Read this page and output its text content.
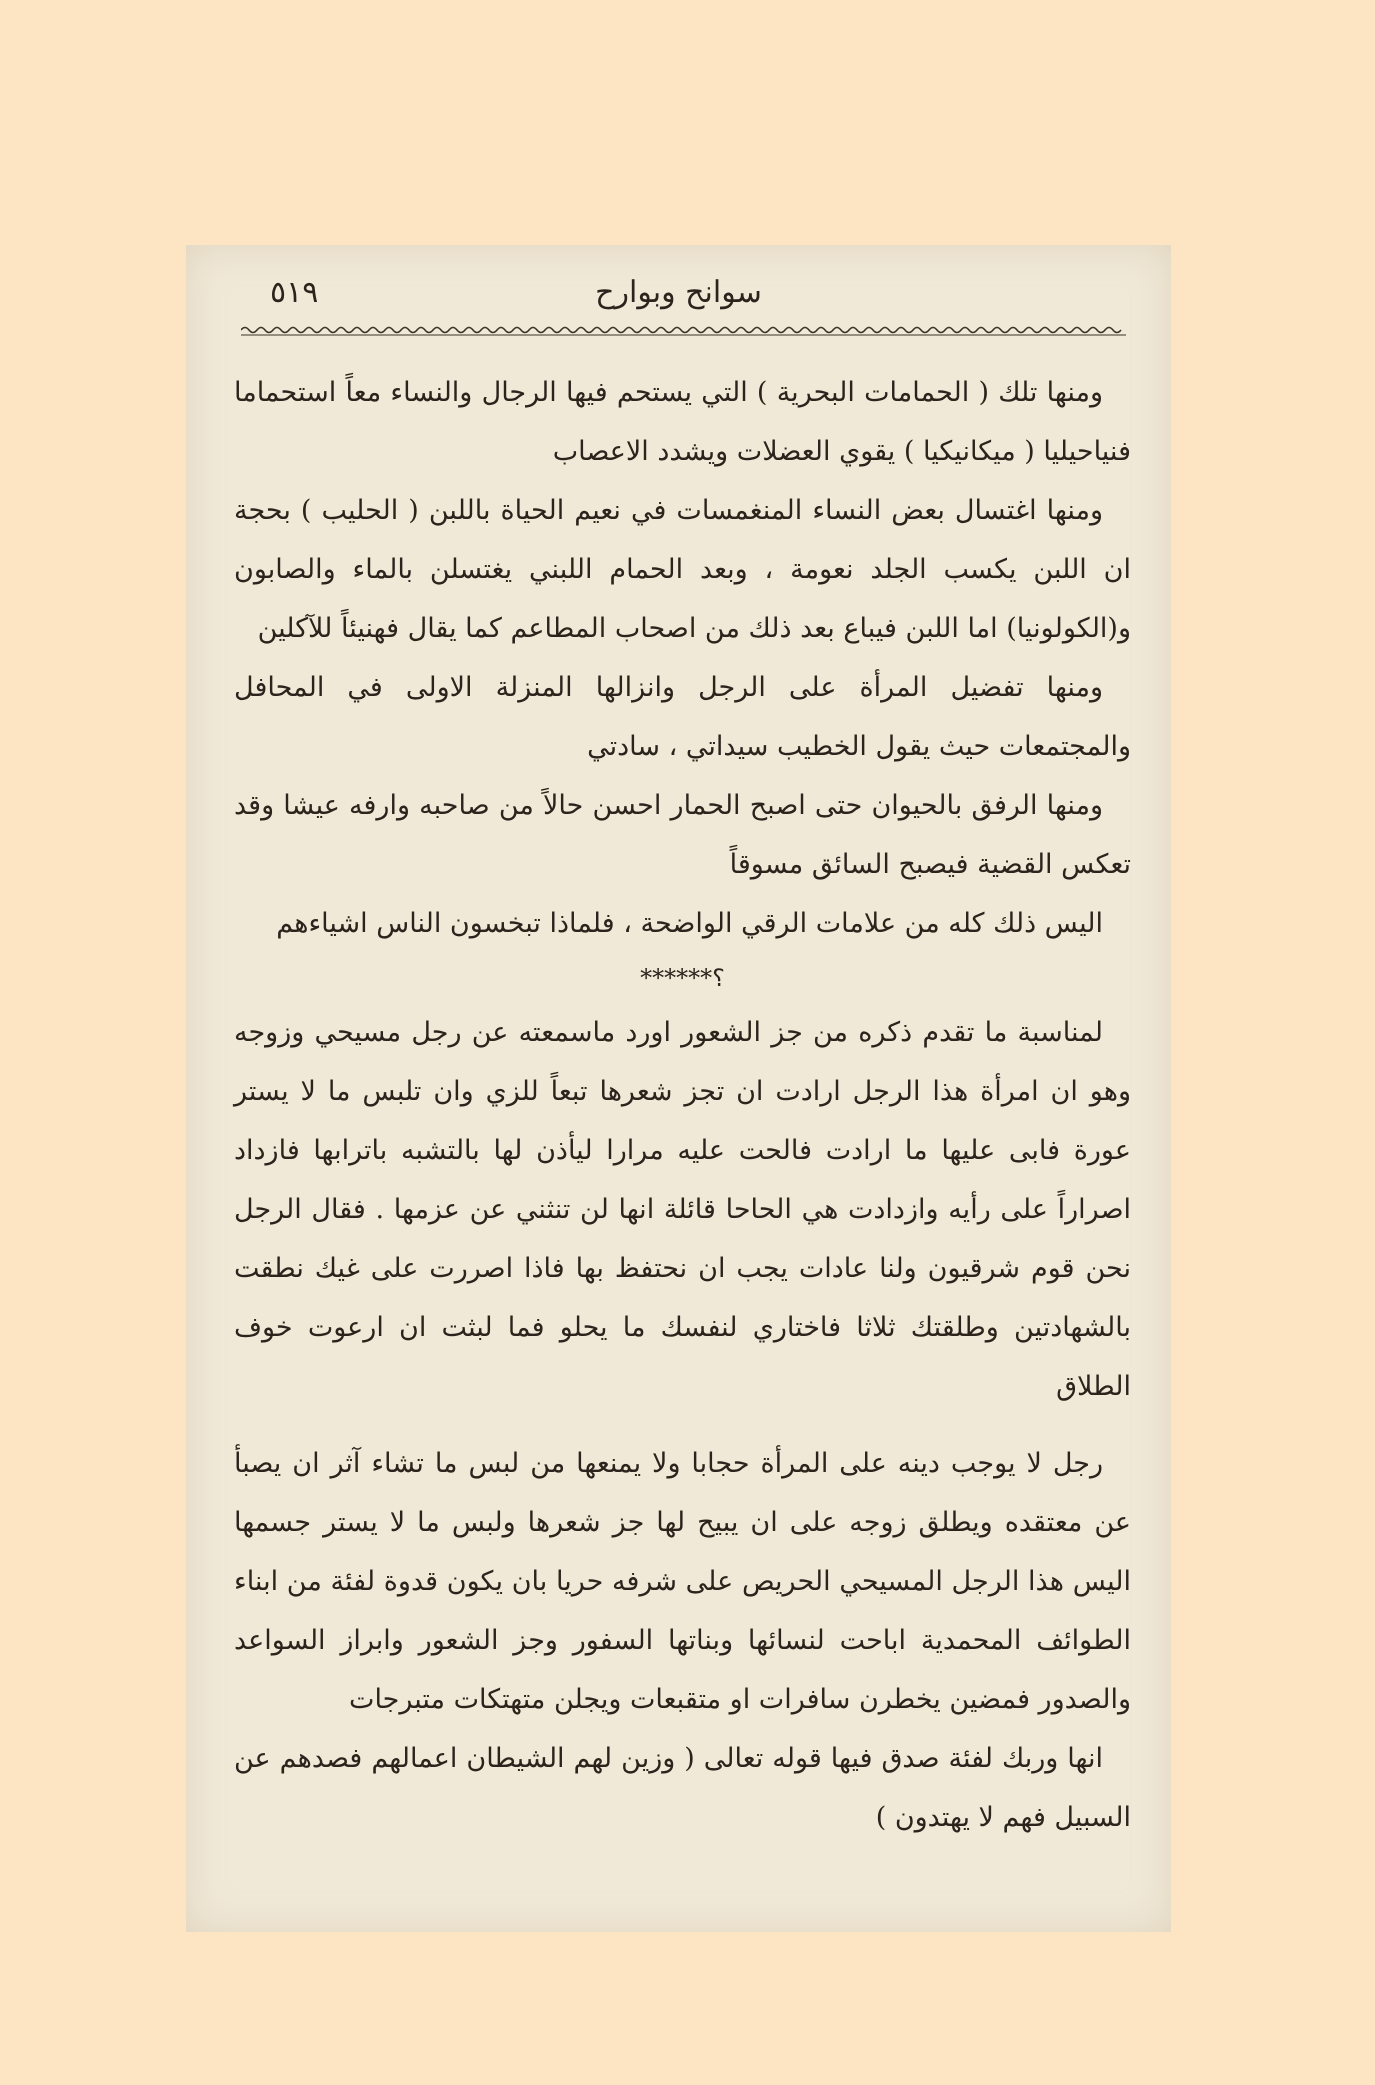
سوانح وبوارح
٥١٩

ومنها تلك ( الحمامات البحرية ) التي يستحم فيها الرجال والنساء معاً استحماما فنياحيليا ( ميكانيكيا ) يقوي العضلات ويشدد الاعصاب

ومنها اغتسال بعض النساء المنغمسات في نعيم الحياة باللبن ( الحليب ) بحجة ان اللبن يكسب الجلد نعومة ، وبعد الحمام اللبني يغتسلن بالماء والصابون و(الكولونيا) اما اللبن فيباع بعد ذلك من اصحاب المطاعم كما يقال فهنيئاً للآكلين

ومنها تفضيل المرأة على الرجل وانزالها المنزلة الاولى في المحافل والمجتمعات حيث يقول الخطيب سيداتي ، سادتي

ومنها الرفق بالحيوان حتى اصبح الحمار احسن حالاً من صاحبه وارفه عيشا وقد تعكس القضية فيصبح السائق مسوقاً

اليس ذلك كله من علامات الرقي الواضحة ، فلماذا تبخسون الناس اشياءهم

؟******

لمناسبة ما تقدم ذكره من جز الشعور اورد ماسمعته عن رجل مسيحي وزوجه وهو ان امرأة هذا الرجل ارادت ان تجز شعرها تبعاً للزي وان تلبس ما لا يستر عورة فابى عليها ما ارادت فالحت عليه مرارا ليأذن لها بالتشبه باترابها فازداد اصراراً على رأيه وازدادت هي الحاحا قائلة انها لن تنثني عن عزمها . فقال الرجل نحن قوم شرقيون ولنا عادات يجب ان نحتفظ بها فاذا اصررت على غيك نطقت بالشهادتين وطلقتك ثلاثا فاختاري لنفسك ما يحلو فما لبثت ان ارعوت خوف الطلاق

رجل لا يوجب دينه على المرأة حجابا ولا يمنعها من لبس ما تشاء آثر ان يصبأ عن معتقده ويطلق زوجه على ان يبيح لها جز شعرها ولبس ما لا يستر جسمها اليس هذا الرجل المسيحي الحريص على شرفه حريا بان يكون قدوة لفئة من ابناء الطوائف المحمدية اباحت لنسائها وبناتها السفور وجز الشعور وابراز السواعد والصدور فمضين يخطرن سافرات او متقبعات ويجلن متهتكات متبرجات

انها وربك لفئة صدق فيها قوله تعالى ( وزين لهم الشيطان اعمالهم فصدهم عن السبيل فهم لا يهتدون )
